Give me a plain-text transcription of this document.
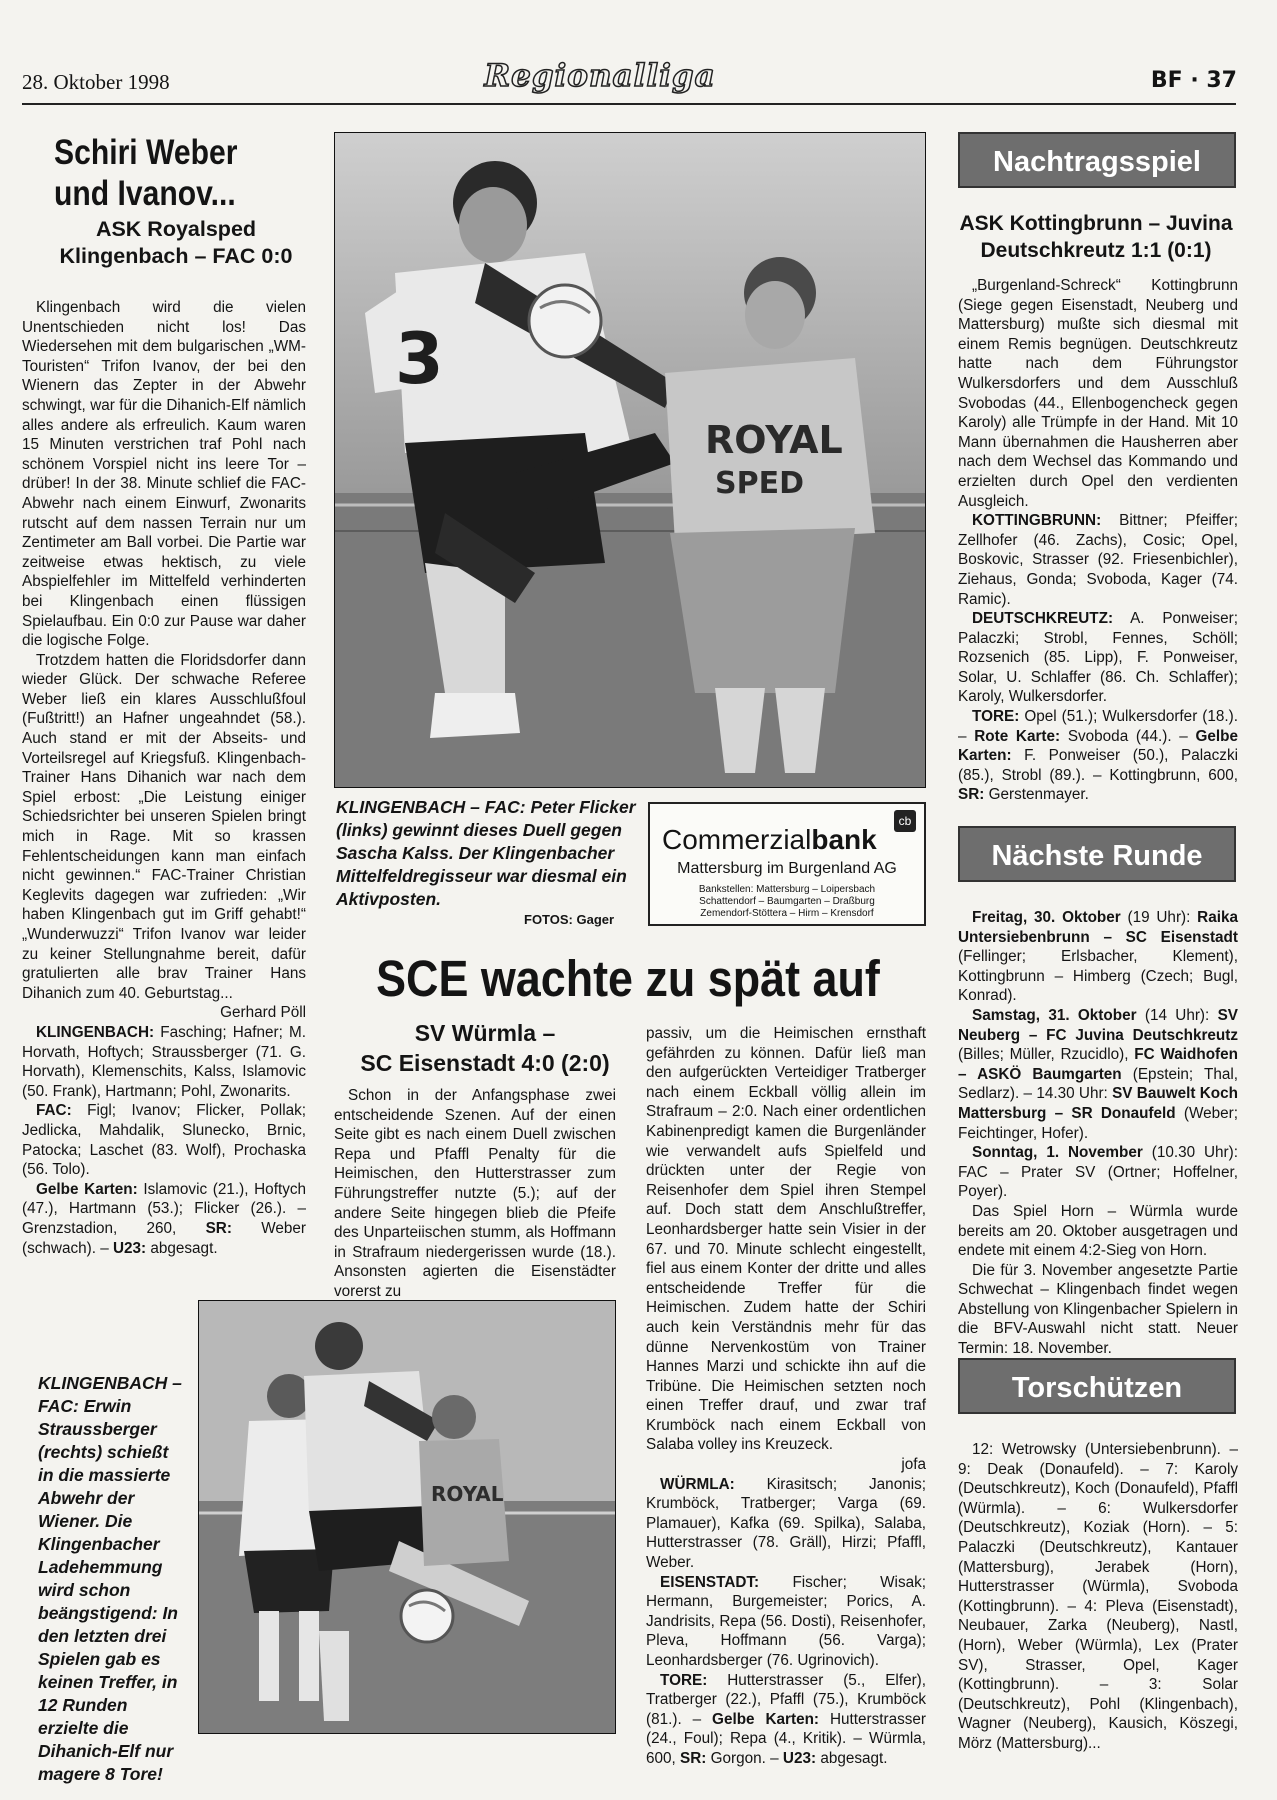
28. Oktober 1998	Regionalliga	BF · 37
Schiri Weber
und Ivanov...
ASK Royalsped
Klingenbach – FAC 0:0

Klingenbach wird die vielen Unentschieden nicht los! Das Wiedersehen mit dem bulgarischen „WM-Touristen“ Trifon Ivanov, der bei den Wienern das Zepter in der Abwehr schwingt, war für die Dihanich-Elf nämlich alles andere als erfreulich. Kaum waren 15 Minuten verstrichen traf Pohl nach schönem Vorspiel nicht ins leere Tor – drüber! In der 38. Minute schlief die FAC-Abwehr nach einem Einwurf, Zwonarits rutscht auf dem nassen Terrain nur um Zentimeter am Ball vorbei. Die Partie war zeitweise etwas hektisch, zu viele Abspielfehler im Mittelfeld verhinderten bei Klingenbach einen flüssigen Spielaufbau. Ein 0:0 zur Pause war daher die logische Folge.

Trotzdem hatten die Floridsdorfer dann wieder Glück. Der schwache Referee Weber ließ ein klares Ausschlußfoul (Fußtritt!) an Hafner ungeahndet (58.). Auch stand er mit der Abseits- und Vorteilsregel auf Kriegsfuß. Klingenbach-Trainer Hans Dihanich war nach dem Spiel erbost: „Die Leistung einiger Schiedsrichter bei unseren Spielen bringt mich in Rage. Mit so krassen Fehlentscheidungen kann man einfach nicht gewinnen.“ FAC-Trainer Christian Keglevits dagegen war zufrieden: „Wir haben Klingenbach gut im Griff gehabt!“ „Wunderwuzzi“ Trifon Ivanov war leider zu keiner Stellungnahme bereit, dafür gratulierten alle brav Trainer Hans Dihanich zum 40. Geburtstag...

Gerhard Pöll

KLINGENBACH: Fasching; Hafner; M. Horvath, Hoftych; Straussberger (71. G. Horvath), Klemenschits, Kalss, Islamovic (50. Frank), Hartmann; Pohl, Zwonarits.

FAC: Figl; Ivanov; Flicker, Pollak; Jedlicka, Mahdalik, Slunecko, Brnic, Patocka; Laschet (83. Wolf), Prochaska (56. Tolo).

Gelbe Karten: Islamovic (21.), Hoftych (47.), Hartmann (53.); Flicker (26.). – Grenzstadion, 260, SR: Weber (schwach). – U23: abgesagt.

3
ROYAL
SPED
KLINGENBACH – FAC: Peter Flicker (links) gewinnt dieses Duell gegen Sascha Kalss. Der Klingenbacher Mittelfeldregisseur war diesmal ein Aktivposten.
FOTOS: Gager
Commerzialbank
cb
Mattersburg im Burgenland AG
Bankstellen: Mattersburg – Loipersbach
Schattendorf – Baumgarten – Draßburg
Zemendorf-Stöttera – Hirm – Krensdorf
SCE wachte zu spät auf
SV Würmla –
SC Eisenstadt 4:0 (2:0)

Schon in der Anfangsphase zwei entscheidende Szenen. Auf der einen Seite gibt es nach einem Duell zwischen Repa und Pfaffl Penalty für die Heimischen, den Hutterstrasser zum Führungstreffer nutzte (5.); auf der andere Seite hingegen blieb die Pfeife des Unparteiischen stumm, als Hoffmann in Strafraum niedergerissen wurde (18.). Ansonsten agierten die Eisenstädter vorerst zu

passiv, um die Heimischen ernsthaft gefährden zu können. Dafür ließ man den aufgerückten Verteidiger Tratberger nach einem Eckball völlig allein im Strafraum – 2:0. Nach einer ordentlichen Kabinenpredigt kamen die Burgenländer wie verwandelt aufs Spielfeld und drückten unter der Regie von Reisenhofer dem Spiel ihren Stempel auf. Doch statt dem Anschlußtreffer, Leonhardsberger hatte sein Visier in der 67. und 70. Minute schlecht eingestellt, fiel aus einem Konter der dritte und alles entscheidende Treffer für die Heimischen. Zudem hatte der Schiri auch kein Verständnis mehr für das dünne Nervenkostüm von Trainer Hannes Marzi und schickte ihn auf die Tribüne. Die Heimischen setzten noch einen Treffer drauf, und zwar traf Krumböck nach einem Eckball von Salaba volley ins Kreuzeck.

jofa

WÜRMLA: Kirasitsch; Janonis; Krumböck, Tratberger; Varga (69. Plamauer), Kafka (69. Spilka), Salaba, Hutterstrasser (78. Gräll), Hirzi; Pfaffl, Weber.

EISENSTADT: Fischer; Wisak; Hermann, Burgemeister; Porics, A. Jandrisits, Repa (56. Dosti), Reisenhofer, Pleva, Hoffmann (56. Varga); Leonhardsberger (76. Ugrinovich).

TORE: Hutterstrasser (5., Elfer), Tratberger (22.), Pfaffl (75.), Krumböck (81.). – Gelbe Karten: Hutterstrasser (24., Foul); Repa (4., Kritik). – Würmla, 600, SR: Gorgon. – U23: abgesagt.

KLINGENBACH – FAC: Erwin Straussberger (rechts) schießt in die massierte Abwehr der Wiener. Die Klingenbacher Ladehemmung wird schon beängstigend: In den letzten drei Spielen gab es keinen Treffer, in 12 Runden erzielte die Dihanich-Elf nur magere 8 Tore!
ROYAL
Nachtragsspiel
ASK Kottingbrunn – Juvina
Deutschkreutz 1:1 (0:1)

„Burgenland-Schreck“ Kottingbrunn (Siege gegen Eisenstadt, Neuberg und Mattersburg) mußte sich diesmal mit einem Remis begnügen. Deutschkreutz hatte nach dem Führungstor Wulkersdorfers und dem Ausschluß Svobodas (44., Ellenbogencheck gegen Karoly) alle Trümpfe in der Hand. Mit 10 Mann übernahmen die Hausherren aber nach dem Wechsel das Kommando und erzielten durch Opel den verdienten Ausgleich.

KOTTINGBRUNN: Bittner; Pfeiffer; Zellhofer (46. Zachs), Cosic; Opel, Boskovic, Strasser (92. Friesenbichler), Ziehaus, Gonda; Svoboda, Kager (74. Ramic).

DEUTSCHKREUTZ: A. Ponweiser; Palaczki; Strobl, Fennes, Schöll; Rozsenich (85. Lipp), F. Ponweiser, Solar, U. Schlaffer (86. Ch. Schlaffer); Karoly, Wulkersdorfer.

TORE: Opel (51.); Wulkersdorfer (18.). – Rote Karte: Svoboda (44.). – Gelbe Karten: F. Ponweiser (50.), Palaczki (85.), Strobl (89.). – Kottingbrunn, 600, SR: Gerstenmayer.

Nächste Runde

Freitag, 30. Oktober (19 Uhr): Raika Untersiebenbrunn – SC Eisenstadt (Fellinger; Erlsbacher, Klement), Kottingbrunn – Himberg (Czech; Bugl, Konrad).

Samstag, 31. Oktober (14 Uhr): SV Neuberg – FC Juvina Deutschkreutz (Billes; Müller, Rzucidlo), FC Waidhofen – ASKÖ Baumgarten (Epstein; Thal, Sedlarz). – 14.30 Uhr: SV Bauwelt Koch Mattersburg – SR Donaufeld (Weber; Feichtinger, Hofer).

Sonntag, 1. November (10.30 Uhr): FAC – Prater SV (Ortner; Hoffelner, Poyer).

Das Spiel Horn – Würmla wurde bereits am 20. Oktober ausgetragen und endete mit einem 4:2-Sieg von Horn.

Die für 3. November angesetzte Partie Schwechat – Klingenbach findet wegen Abstellung von Klingenbacher Spielern in die BFV-Auswahl nicht statt. Neuer Termin: 18. November.

Torschützen

12: Wetrowsky (Untersiebenbrunn). – 9: Deak (Donaufeld). – 7: Karoly (Deutschkreutz), Koch (Donaufeld), Pfaffl (Würmla). – 6: Wulkersdorfer (Deutschkreutz), Koziak (Horn). – 5: Palaczki (Deutschkreutz), Kantauer (Mattersburg), Jerabek (Horn), Hutterstrasser (Würmla), Svoboda (Kottingbrunn). – 4: Pleva (Eisenstadt), Neubauer, Zarka (Neuberg), Nastl, (Horn), Weber (Würmla), Lex (Prater SV), Strasser, Opel, Kager (Kottingbrunn). – 3: Solar (Deutschkreutz), Pohl (Klingenbach), Wagner (Neuberg), Kausich, Köszegi, Mörz (Mattersburg)...
